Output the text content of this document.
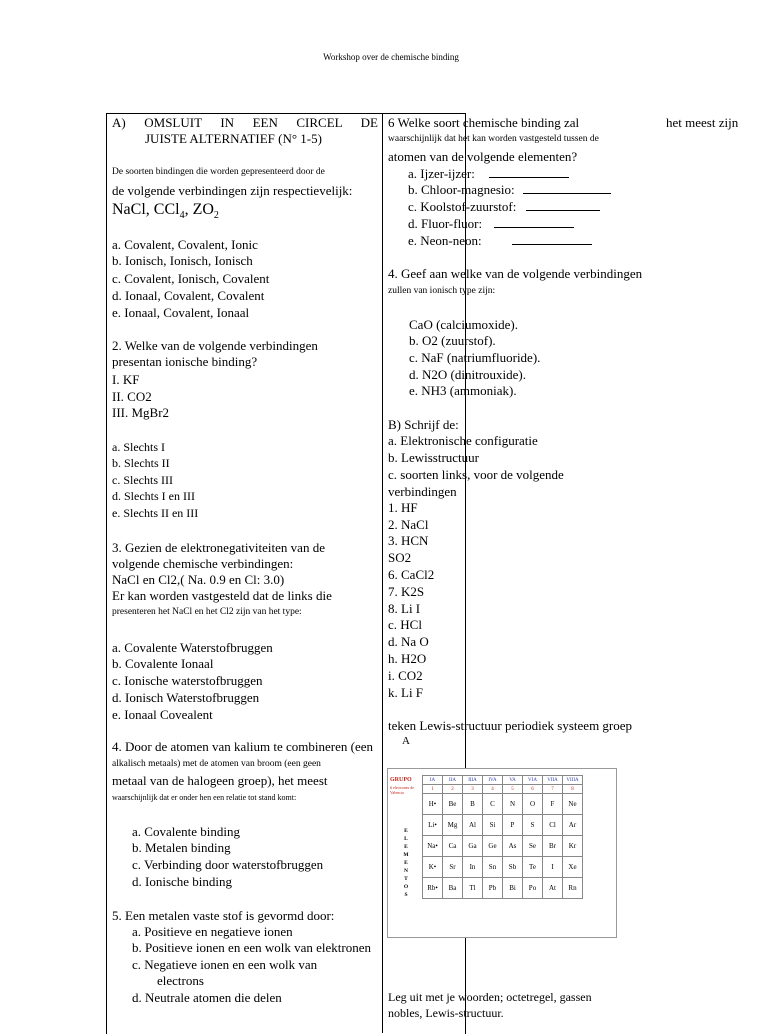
Workshop over de chemische binding
A) OMSLUIT IN EEN CIRCEL DE
JUISTE ALTERNATIEF (N° 1-5)
De soorten bindingen die worden gepresenteerd door de
de volgende verbindingen zijn respectievelijk:
NaCl, CCl$_4$, $ZO_2$
a. Covalent, Covalent, Ionic
b. Ionisch, Ionisch, Ionisch
c. Covalent, Ionisch, Covalent
d. Ionaal, Covalent, Covalent
e. Ionaal, Covalent, Ionaal
2. Welke van de volgende verbindingen
presentan ionische binding?
I. KF
II. CO2
III. MgBr2
a. Slechts I
b. Slechts II
c. Slechts III
d. Slechts I en III
e. Slechts II en III
3. Gezien de elektronegativiteiten van de
volgende chemische verbindingen:
NaCl en Cl2,( Na. 0.9 en Cl: 3.0)
Er kan worden vastgesteld dat de links die
presenteren het NaCl en het Cl2 zijn van het type:
a. Covalente Waterstofbruggen
b. Covalente Ionaal
c. Ionische waterstofbruggen
d. Ionisch Waterstofbruggen
e. Ionaal Covealent
4. Door de atomen van kalium te combineren (een
alkalisch metaals) met de atomen van broom (een geen
metaal van de halogeen groep), het meest
waarschijnlijk dat er onder hen een relatie tot stand komt:
a. Covalente binding
b. Metalen binding
c. Verbinding door waterstofbruggen
d. Ionische binding
5. Een metalen vaste stof is gevormd door:
a. Positieve en negatieve ionen
b. Positieve ionen en een wolk van elektronen
c. Negatieve ionen en een wolk van
electrons
d. Neutrale atomen die delen
6 Welke soort chemische binding zal	het meest zijn
waarschijnlijk dat het kan worden vastgesteld tussen de
atomen van de volgende elementen?
a. Ijzer-ijzer:
b. Chloor-magnesio:
c. Koolstof-zuurstof:
d. Fluor-fluor:
e. Neon-neon:
4. Geef aan welke van de volgende verbindingen
zullen van ionisch type zijn:
CaO (calciumoxide).
b. O2 (zuurstof).
c. NaF (natriumfluoride).
d. N2O (dinitrouxide).
e. NH3 (ammoniak).
B) Schrijf de:
a. Elektronische configuratie
b. Lewisstructuur
c. soorten links, voor de volgende
verbindingen
1. HF
2. NaCl
3. HCN
SO2
6. CaCl2
7. K2S
8. Li I
c. HCl
d. Na O
h. H2O
i. CO2
k. Li F
teken Lewis-structuur periodiek systeem groep
A
GRUPO
# electrones de Valencia
E
L
E
M
E
N
T
O
S
IA	IIA	IIIA	IVA	VA	VIA	VIIA	VIIIA
1	2	3	4	5	6	7	8
H•	Be	B	C	N	O	F	Ne
Li•	Mg	Al	Si	P	S	Cl	Ar
Na•	Ca	Ga	Ge	As	Se	Br	Kr
K•	Sr	In	Sn	Sb	Te	I	Xe
Rb•	Ba	Tl	Pb	Bi	Po	At	Rn
Leg uit met je woorden; octetregel, gassen
nobles, Lewis-structuur.
